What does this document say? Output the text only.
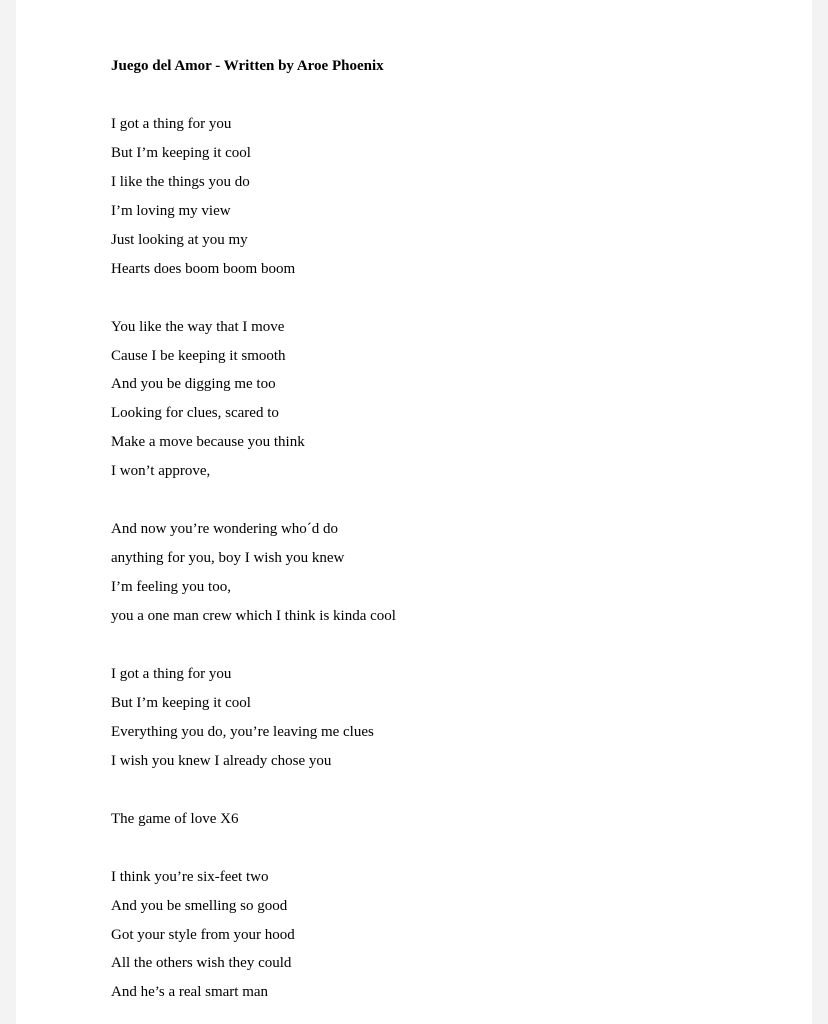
Juego del Amor - Written by Aroe Phoenix
I got a thing for you
But I’m keeping it cool
I like the things you do
I’m loving my view
Just looking at you my
Hearts does boom boom boom
You like the way that I move
Cause I be keeping it smooth
And you be digging me too
Looking for clues, scared to
Make a move because you think
I won’t approve,
And now you’re wondering who´d do
anything for you, boy I wish you knew
I’m feeling you too,
you a one man crew which I think is kinda cool
I got a thing for you
But I’m keeping it cool
Everything you do, you’re leaving me clues
I wish you knew I already chose you
The game of love X6
I think you’re six-feet two
And you be smelling so good
Got your style from your hood
All the others wish they could
And he’s a real smart man
